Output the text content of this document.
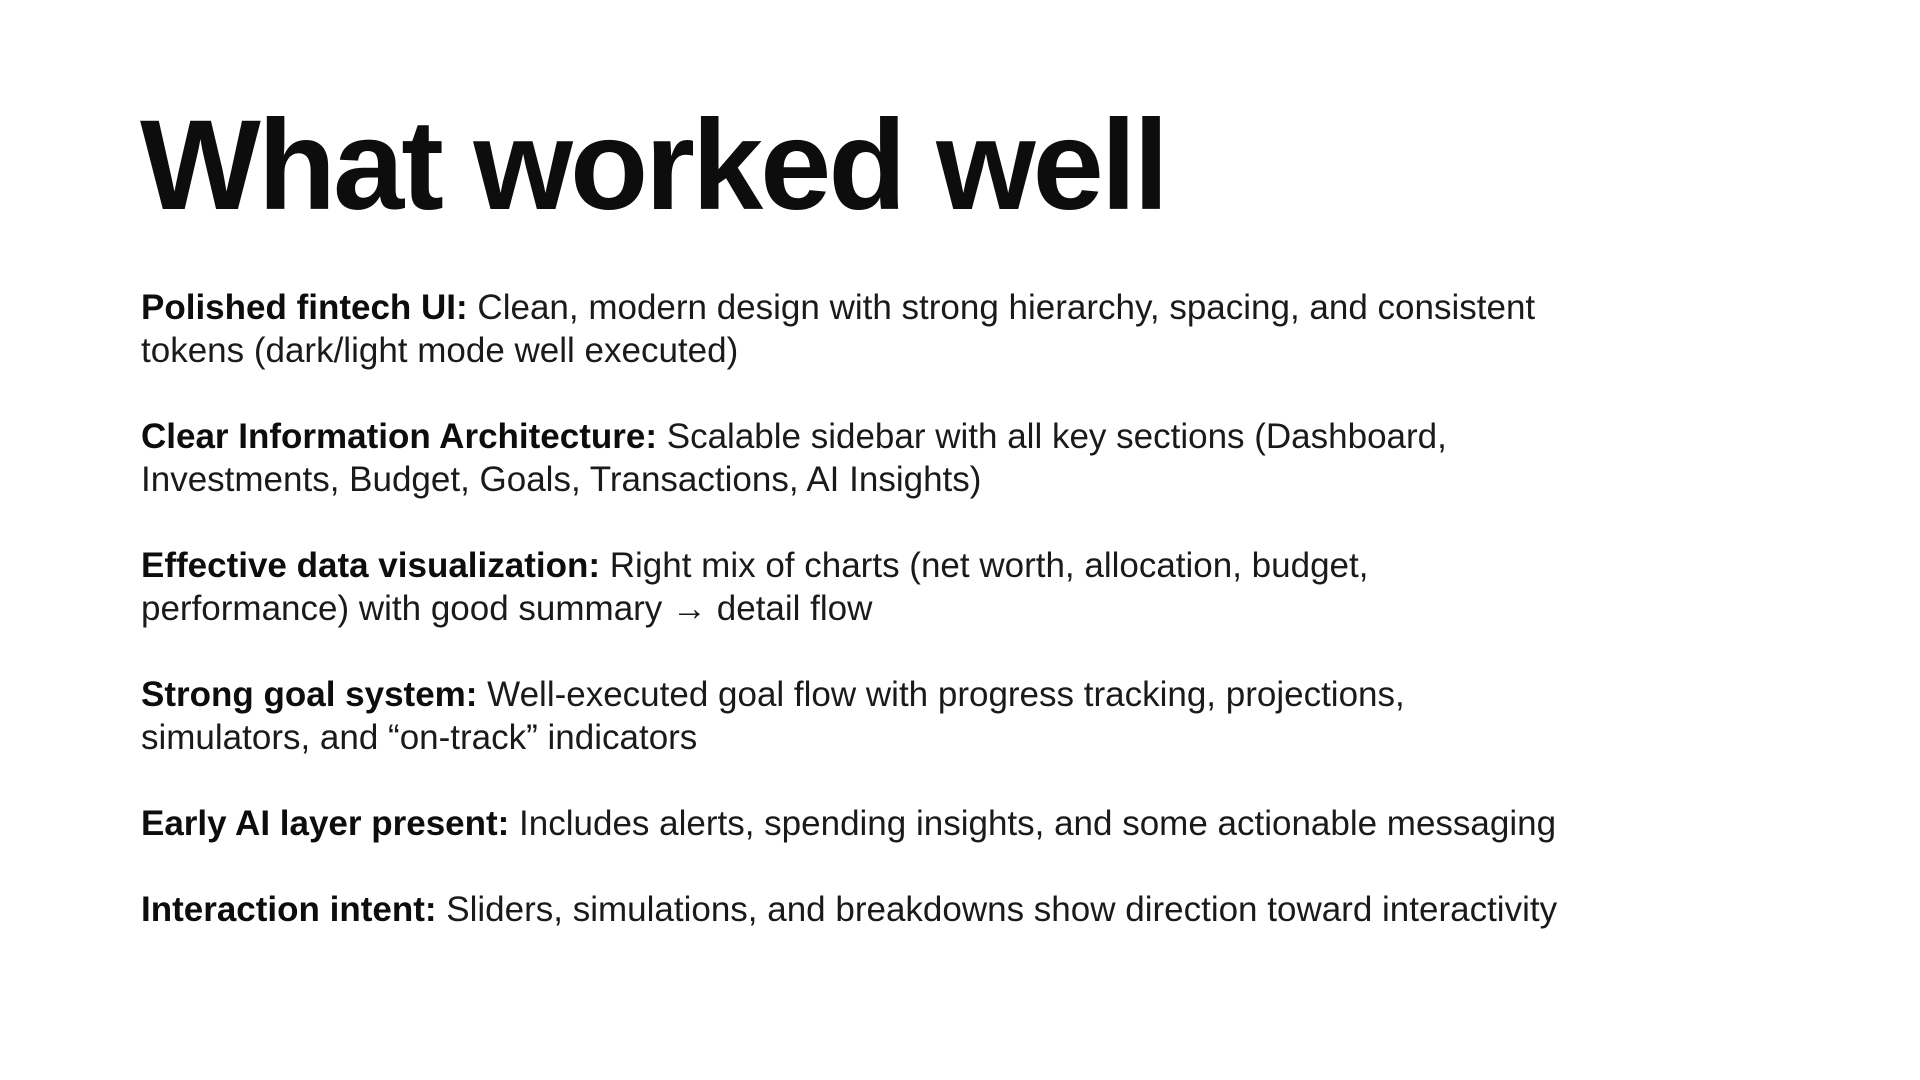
What worked well
Polished fintech UI: Clean, modern design with strong hierarchy, spacing, and consistent tokens (dark/light mode well executed)
Clear Information Architecture: Scalable sidebar with all key sections (Dashboard, Investments, Budget, Goals, Transactions, AI Insights)
Effective data visualization: Right mix of charts (net worth, allocation, budget, performance) with good summary → detail flow
Strong goal system: Well-executed goal flow with progress tracking, projections, simulators, and “on-track” indicators
Early AI layer present: Includes alerts, spending insights, and some actionable messaging
Interaction intent: Sliders, simulations, and breakdowns show direction toward interactivity
